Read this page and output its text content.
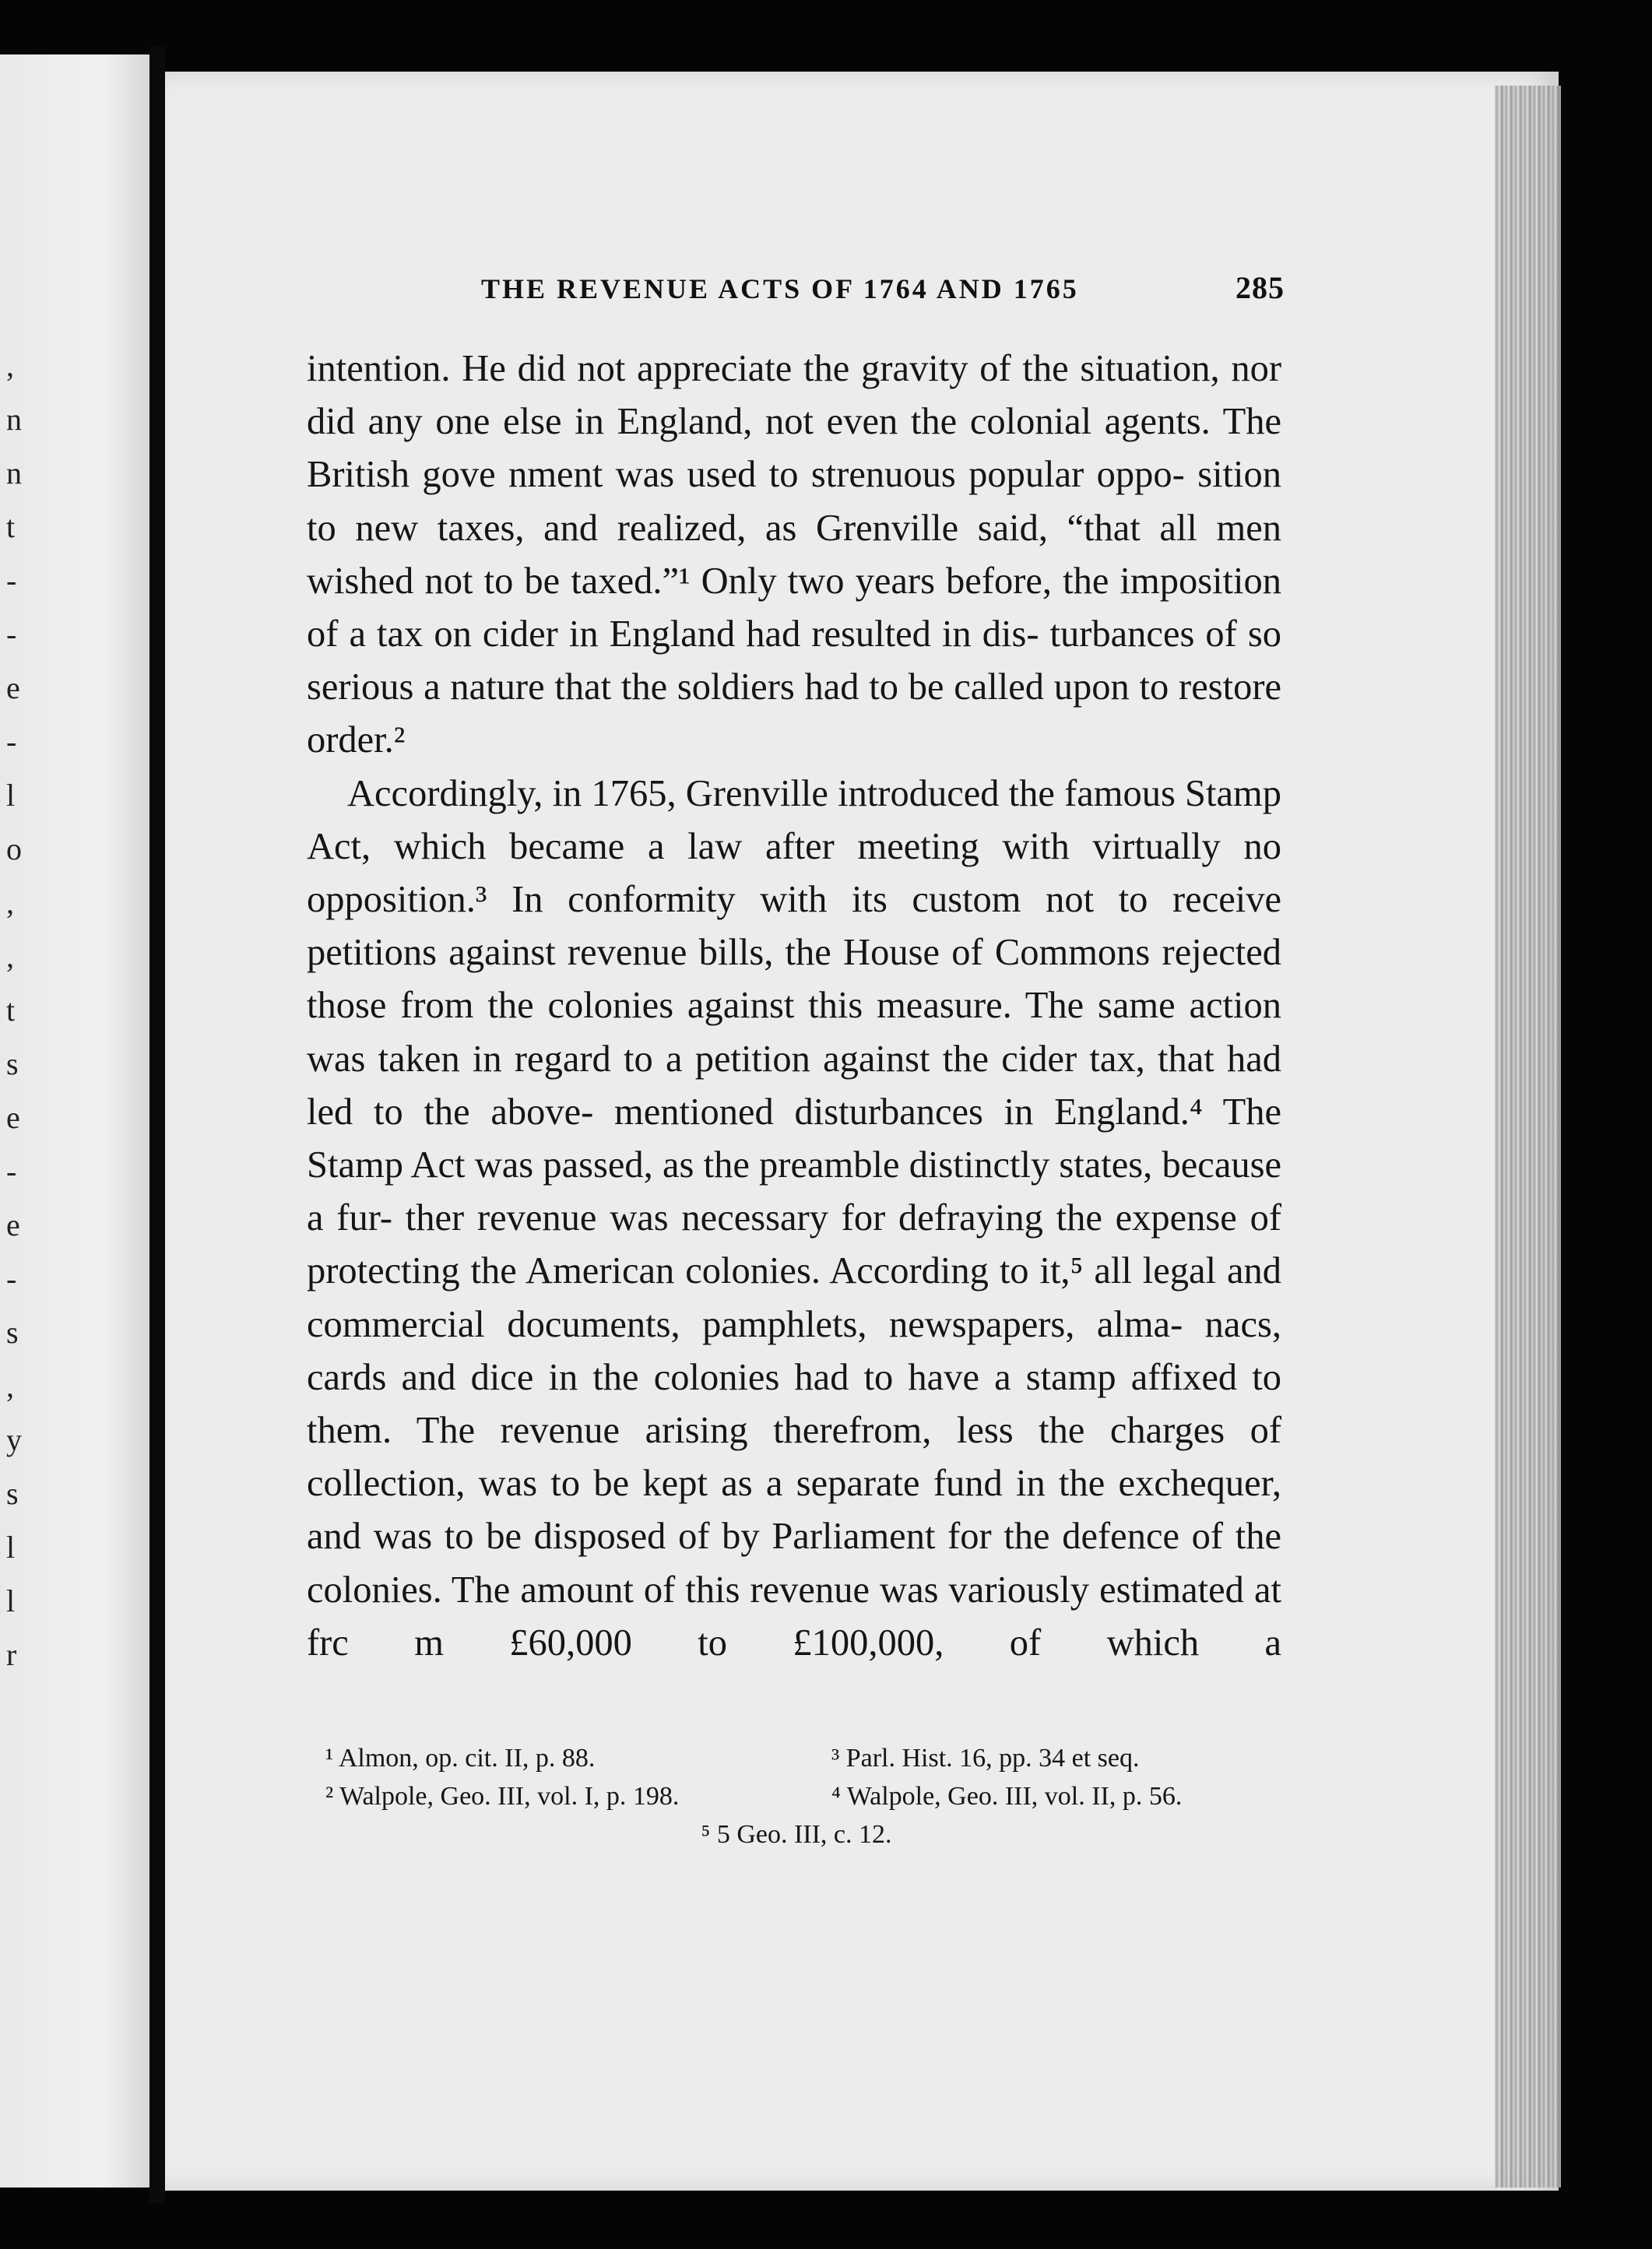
,
n
n
t
-
-
e
-
l
o
,
,
t
s
e
-
e
-
s
,
y
s
l
l
r
THE REVENUE ACTS OF 1764 AND 1765	285

intention. He did not appreciate the gravity of the situation, nor did any one else in England, not even the colonial agents. The British gove nment was used to strenuous popular oppo- sition to new taxes, and realized, as Grenville said, “that all men wished not to be taxed.”¹ Only two years before, the imposition of a tax on cider in England had resulted in dis- turbances of so serious a nature that the soldiers had to be called upon to restore order.²

Accordingly, in 1765, Grenville introduced the famous Stamp Act, which became a law after meeting with virtually no opposition.³ In conformity with its custom not to receive petitions against revenue bills, the House of Commons rejected those from the colonies against this measure. The same action was taken in regard to a petition against the cider tax, that had led to the above- mentioned disturbances in England.⁴ The Stamp Act was passed, as the preamble distinctly states, because a fur- ther revenue was necessary for defraying the expense of protecting the American colonies. According to it,⁵ all legal and commercial documents, pamphlets, newspapers, alma- nacs, cards and dice in the colonies had to have a stamp affixed to them. The revenue arising therefrom, less the charges of collection, was to be kept as a separate fund in the exchequer, and was to be disposed of by Parliament for the defence of the colonies. The amount of this revenue was variously estimated at frc m £60,000 to £100,000, of which a

¹ Almon, op. cit. II, p. 88.	³ Parl. Hist. 16, pp. 34 et seq.
² Walpole, Geo. III, vol. I, p. 198.	⁴ Walpole, Geo. III, vol. II, p. 56.
⁵ 5 Geo. III, c. 12.
